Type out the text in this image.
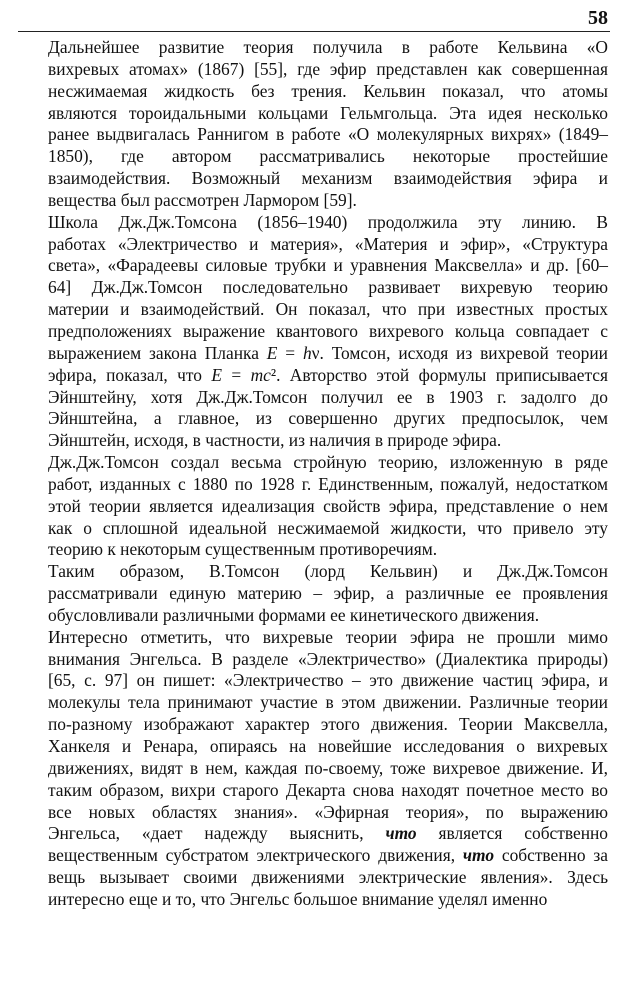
58

Дальнейшее развитие теория получила в работе Кельвина «О
вихревых атомах» (1867) [55], где эфир представлен как совершенная
несжимаемая жидкость без трения. Кельвин показал, что атомы
являются тороидальными кольцами Гельмгольца. Эта идея несколько
ранее выдвигалась Раннигом в работе «О молекулярных вихрях» (1849–
1850), где автором рассматривались некоторые простейшие
взаимодействия. Возможный механизм взаимодействия эфира и
вещества был рассмотрен Лармором [59].

Школа Дж.Дж.Томсона (1856–1940) продолжила эту линию. В
работах «Электричество и материя», «Материя и эфир», «Структура
света», «Фарадеевы силовые трубки и уравнения Максвелла» и др. [60–
64] Дж.Дж.Томсон последовательно развивает вихревую теорию
материи и взаимодействий. Он показал, что при известных простых
предположениях выражение квантового вихревого кольца совпадает с
выражением закона Планка E = hν. Томсон, исходя из вихревой теории
эфира, показал, что E = mc². Авторство этой формулы приписывается
Эйнштейну, хотя Дж.Дж.Томсон получил ее в 1903 г. задолго до
Эйнштейна, а главное, из совершенно других предпосылок, чем
Эйнштейн, исходя, в частности, из наличия в природе эфира.

Дж.Дж.Томсон создал весьма стройную теорию, изложенную в ряде
работ, изданных с 1880 по 1928 г. Единственным, пожалуй, недостатком
этой теории является идеализация свойств эфира, представление о нем
как о сплошной идеальной несжимаемой жидкости, что привело эту
теорию к некоторым существенным противоречиям.

Таким образом, В.Томсон (лорд Кельвин) и Дж.Дж.Томсон
рассматривали единую материю – эфир, а различные ее проявления
обусловливали различными формами ее кинетического движения.

Интересно отметить, что вихревые теории эфира не прошли мимо
внимания Энгельса. В разделе «Электричество» (Диалектика природы)
[65, с. 97] он пишет: «Электричество – это движение частиц эфира, и
молекулы тела принимают участие в этом движении. Различные теории
по-разному изображают характер этого движения. Теории Максвелла,
Ханкеля и Ренара, опираясь на новейшие исследования о вихревых
движениях, видят в нем, каждая по-своему, тоже вихревое движение. И,
таким образом, вихри старого Декарта снова находят почетное место во
все новых областях знания». «Эфирная теория», по выражению
Энгельса, «дает надежду выяснить, что является собственно
вещественным субстратом электрического движения, что собственно за
вещь вызывает своими движениями электрические явления». Здесь
интересно еще и то, что Энгельс большое внимание уделял именно
